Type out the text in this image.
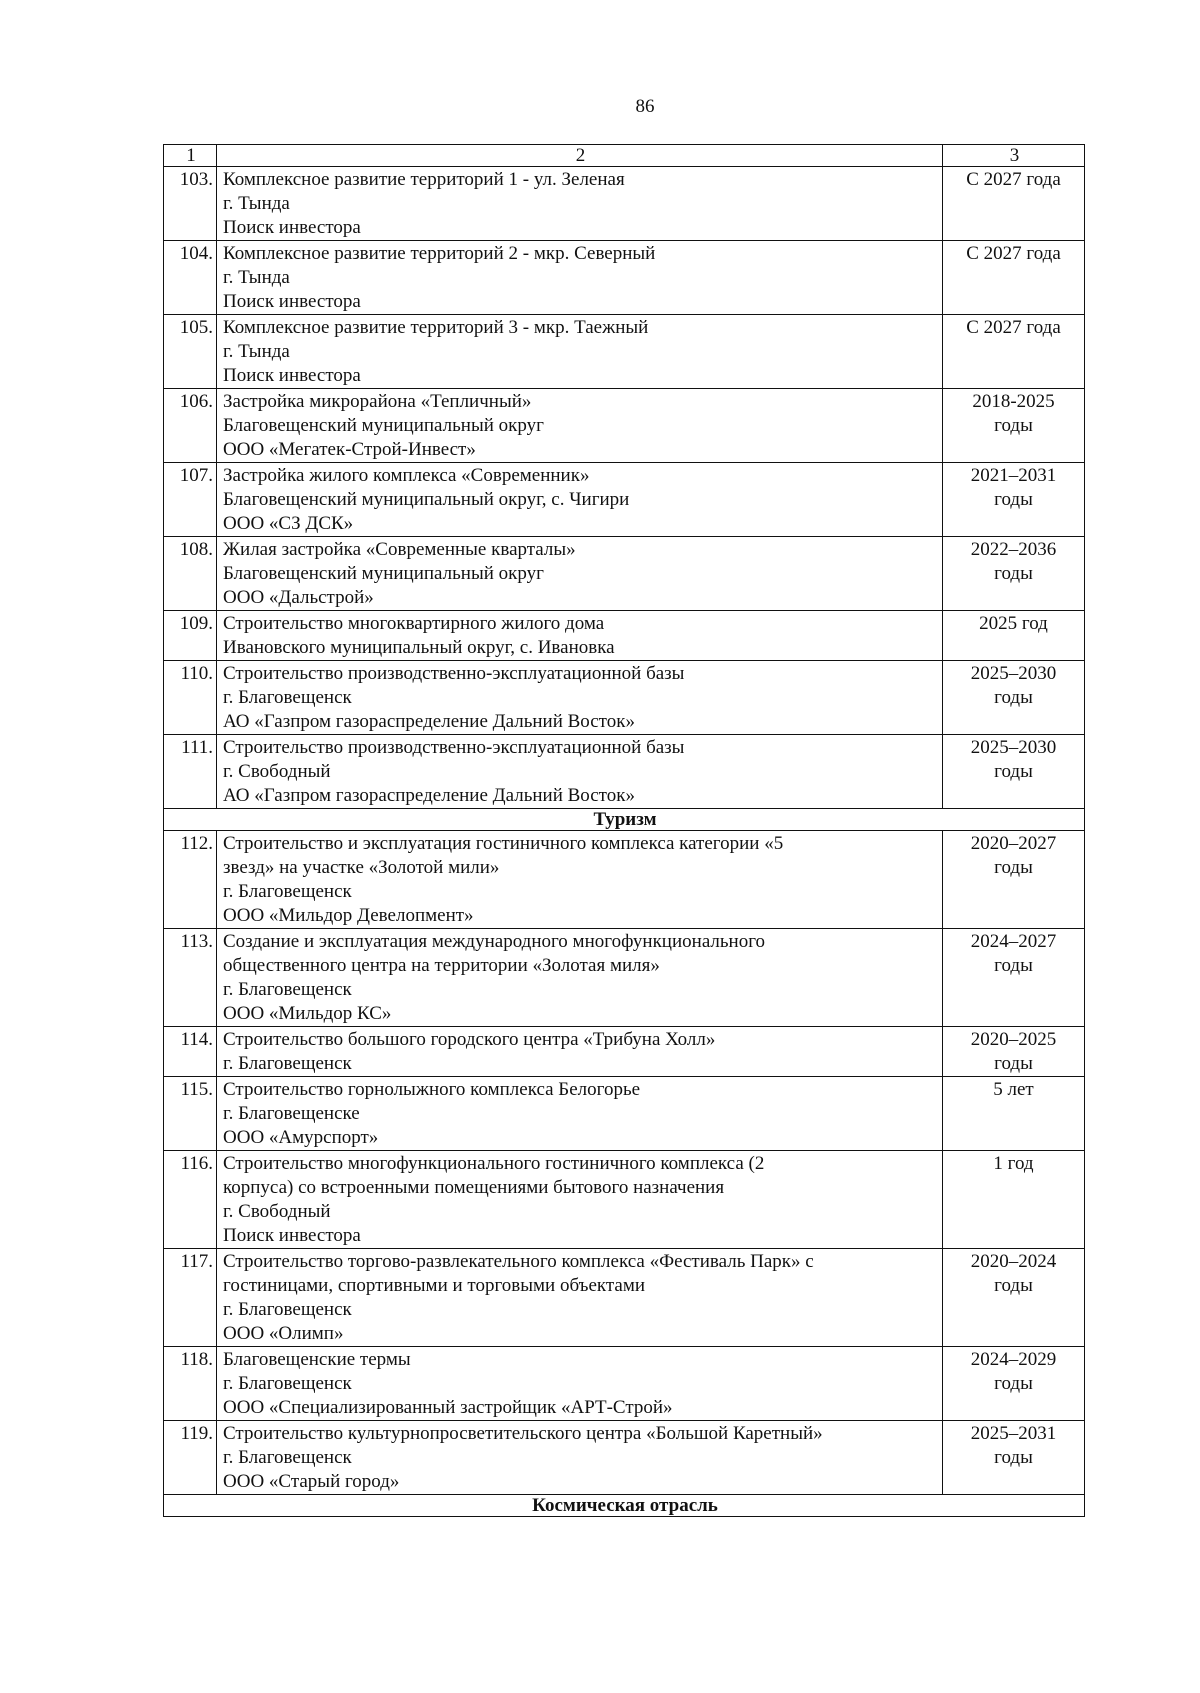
86
1	2	3
103.	Комплексное развитие территорий 1 - ул. Зеленая
г. Тында
Поиск инвестора	С 2027 года

104.	Комплексное развитие территорий 2 - мкр. Северный
г. Тында
Поиск инвестора	С 2027 года

105.	Комплексное развитие территорий 3 - мкр. Таежный
г. Тында
Поиск инвестора	С 2027 года

106.	Застройка микрорайона «Тепличный»
Благовещенский муниципальный округ
ООО «Мегатек-Строй-Инвест»	2018-2025
годы

107.	Застройка жилого комплекса «Современник»
Благовещенский муниципальный округ, с. Чигири
ООО «СЗ ДСК»	2021–2031
годы

108.	Жилая застройка «Современные кварталы»
Благовещенский муниципальный округ
ООО «Дальстрой»	2022–2036
годы

109.	Строительство многоквартирного жилого дома
Ивановского муниципальный округ, с. Ивановка	2025 год

110.	Строительство производственно-эксплуатационной базы
г. Благовещенск
АО «Газпром газораспределение Дальний Восток»	2025–2030
годы

111.	Строительство производственно-эксплуатационной базы
г. Свободный
АО «Газпром газораспределение Дальний Восток»	2025–2030
годы

Туризм		
112.	Строительство и эксплуатация гостиничного комплекса категории «5
звезд» на участке «Золотой мили»
г. Благовещенск
ООО «Мильдор Девелопмент»	2020–2027
годы

113.	Создание и эксплуатация международного многофункционального
общественного центра на территории «Золотая миля»
г. Благовещенск
ООО «Мильдор КС»	2024–2027
годы

114.	Строительство большого городского центра «Трибуна Холл»
г. Благовещенск	2020–2025
годы

115.	Строительство горнолыжного комплекса Белогорье
г. Благовещенске
ООО «Амурспорт»	5 лет

116.	Строительство многофункционального гостиничного комплекса (2
корпуса) со встроенными помещениями бытового назначения
г. Свободный
Поиск инвестора	1 год

117.	Строительство торгово-развлекательного комплекса «Фестиваль Парк» с
гостиницами, спортивными и торговыми объектами
г. Благовещенск
ООО «Олимп»	2020–2024
годы

118.	Благовещенские термы
г. Благовещенск
ООО «Специализированный застройщик «АРТ-Строй»	2024–2029
годы

119.	Строительство культурнопросветительского центра «Большой Каретный»
г. Благовещенск
ООО «Старый город»	2025–2031
годы

Космическая отрасль		
